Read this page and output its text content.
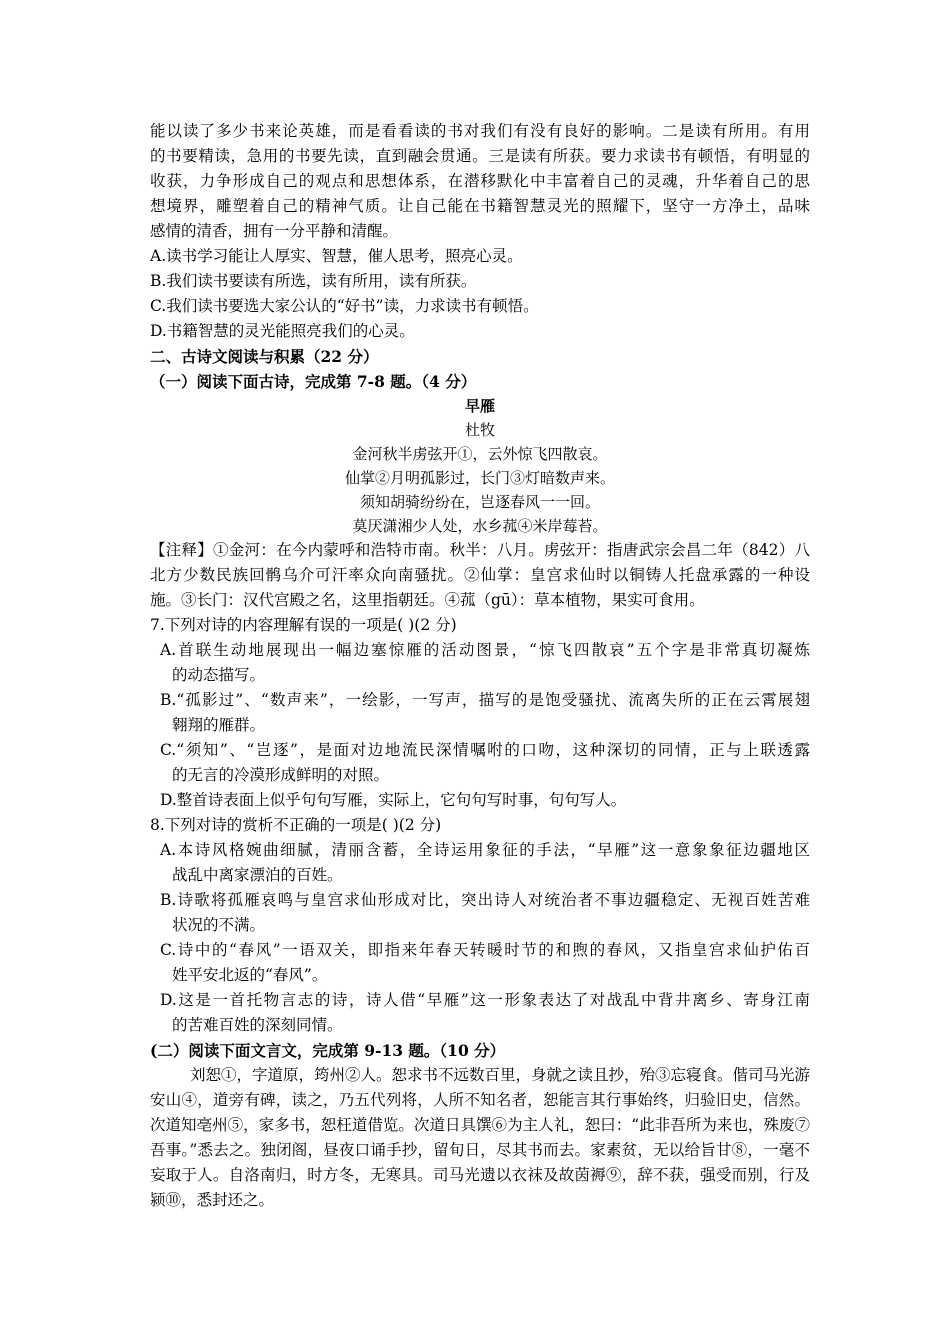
能以读了多少书来论英雄，而是看看读的书对我们有没有良好的影响。二是读有所用。有用
的书要精读，急用的书要先读，直到融会贯通。三是读有所获。要力求读书有顿悟，有明显的
收获，力争形成自己的观点和思想体系，在潜移默化中丰富着自己的灵魂，升华着自己的思
想境界，雕塑着自己的精神气质。让自己能在书籍智慧灵光的照耀下，坚守一方净土，品味
感情的清香，拥有一分平静和清醒。
A.读书学习能让人厚实、智慧，催人思考，照亮心灵。
B.我们读书要读有所选，读有所用，读有所获。
C.我们读书要选大家公认的“好书”读，力求读书有顿悟。
D.书籍智慧的灵光能照亮我们的心灵。
二、古诗文阅读与积累（22 分）
（一）阅读下面古诗，完成第 7-8 题。（4 分）
早雁
杜牧
金河秋半虏弦开①，云外惊飞四散哀。
仙掌②月明孤影过，长门③灯暗数声来。
须知胡骑纷纷在，岂逐春风一一回。
莫厌潇湘少人处，水乡菰④米岸莓苔。
【注释】①金河：在今内蒙呼和浩特市南。秋半：八月。虏弦开：指唐武宗会昌二年（842）八
北方少数民族回鹘乌介可汗率众向南骚扰。②仙掌：皇宫求仙时以铜铸人托盘承露的一种设
施。③长门：汉代宫殿之名，这里指朝廷。④菰（gū）：草本植物，果实可食用。
7.下列对诗的内容理解有误的一项是( )(2 分)
A.首联生动地展现出一幅边塞惊雁的活动图景，“惊飞四散哀”五个字是非常真切凝炼
的动态描写。
B.“孤影过”、“数声来”，一绘影，一写声，描写的是饱受骚扰、流离失所的正在云霄展翅
翱翔的雁群。
C.“须知”、“岂逐”，是面对边地流民深情嘱咐的口吻，这种深切的同情，正与上联透露
的无言的冷漠形成鲜明的对照。
D.整首诗表面上似乎句句写雁，实际上，它句句写时事，句句写人。
8.下列对诗的赏析不正确的一项是( )(2 分)
A.本诗风格婉曲细腻，清丽含蓄，全诗运用象征的手法，“早雁”这一意象象征边疆地区
战乱中离家漂泊的百姓。
B.诗歌将孤雁哀鸣与皇宫求仙形成对比，突出诗人对统治者不事边疆稳定、无视百姓苦难
状况的不满。
C.诗中的“春风”一语双关，即指来年春天转暖时节的和煦的春风，又指皇宫求仙护佑百
姓平安北返的“春风”。
D.这是一首托物言志的诗，诗人借“早雁”这一形象表达了对战乱中背井离乡、寄身江南
的苦难百姓的深刻同情。
(二）阅读下面文言文，完成第 9-13 题。（10 分）
刘恕①，字道原，筠州②人。恕求书不远数百里，身就之读且抄，殆③忘寝食。偕司马光游
安山④，道旁有碑，读之，乃五代列将，人所不知名者，恕能言其行事始终，归验旧史，信然。
次道知亳州⑤，家多书，恕枉道借览。次道日具馔⑥为主人礼，恕曰：“此非吾所为来也，殊废⑦
吾事。”悉去之。独闭阁，昼夜口诵手抄，留旬日，尽其书而去。家素贫，无以给旨甘⑧，一毫不
妄取于人。自洛南归，时方冬，无寒具。司马光遗以衣袜及故茵褥⑨，辞不获，强受而别，行及
颍⑩，悉封还之。
